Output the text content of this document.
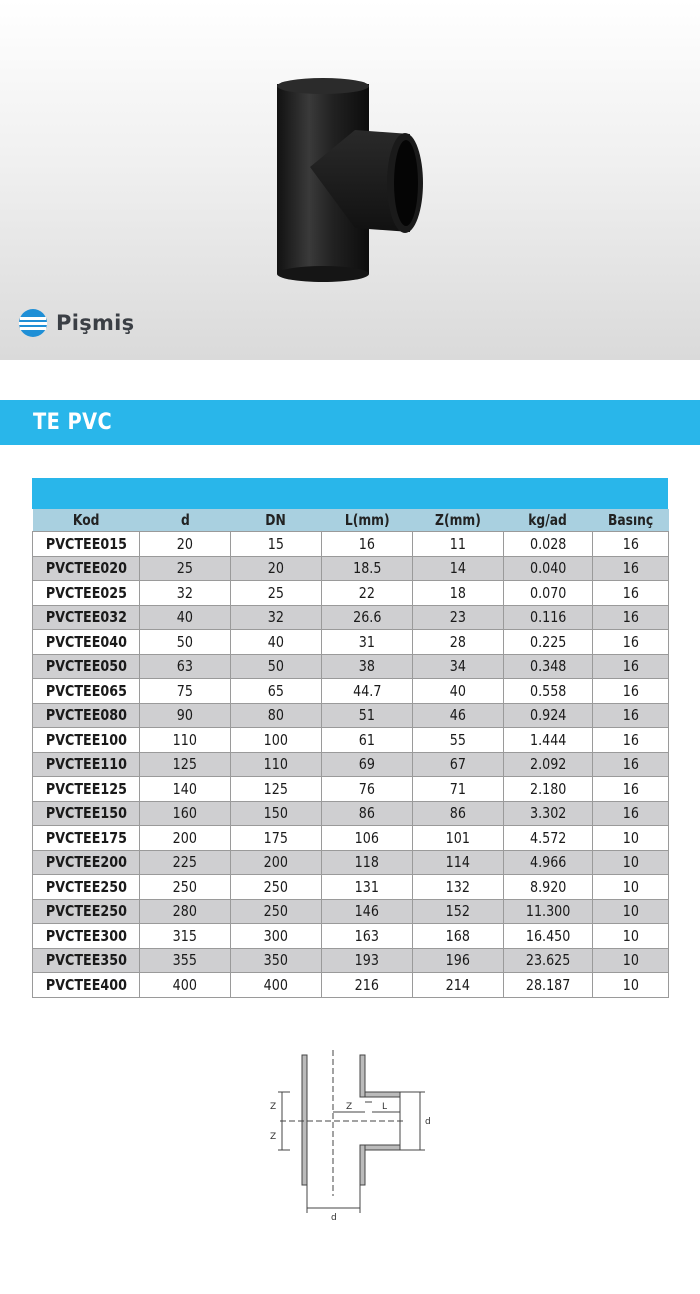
Pişmiş
TE PVC
Kod	d	DN	L(mm)	Z(mm)	kg/ad	Basınç
PVCTEE015	20	15	16	11	0.028	16
PVCTEE020	25	20	18.5	14	0.040	16
PVCTEE025	32	25	22	18	0.070	16
PVCTEE032	40	32	26.6	23	0.116	16
PVCTEE040	50	40	31	28	0.225	16
PVCTEE050	63	50	38	34	0.348	16
PVCTEE065	75	65	44.7	40	0.558	16
PVCTEE080	90	80	51	46	0.924	16
PVCTEE100	110	100	61	55	1.444	16
PVCTEE110	125	110	69	67	2.092	16
PVCTEE125	140	125	76	71	2.180	16
PVCTEE150	160	150	86	86	3.302	16
PVCTEE175	200	175	106	101	4.572	10
PVCTEE200	225	200	118	114	4.966	10
PVCTEE250	250	250	131	132	8.920	10
PVCTEE250	280	250	146	152	11.300	10
PVCTEE300	315	300	163	168	16.450	10
PVCTEE350	355	350	193	196	23.625	10
PVCTEE400	400	400	216	214	28.187	10
Z
Z
Z	L
d
d
